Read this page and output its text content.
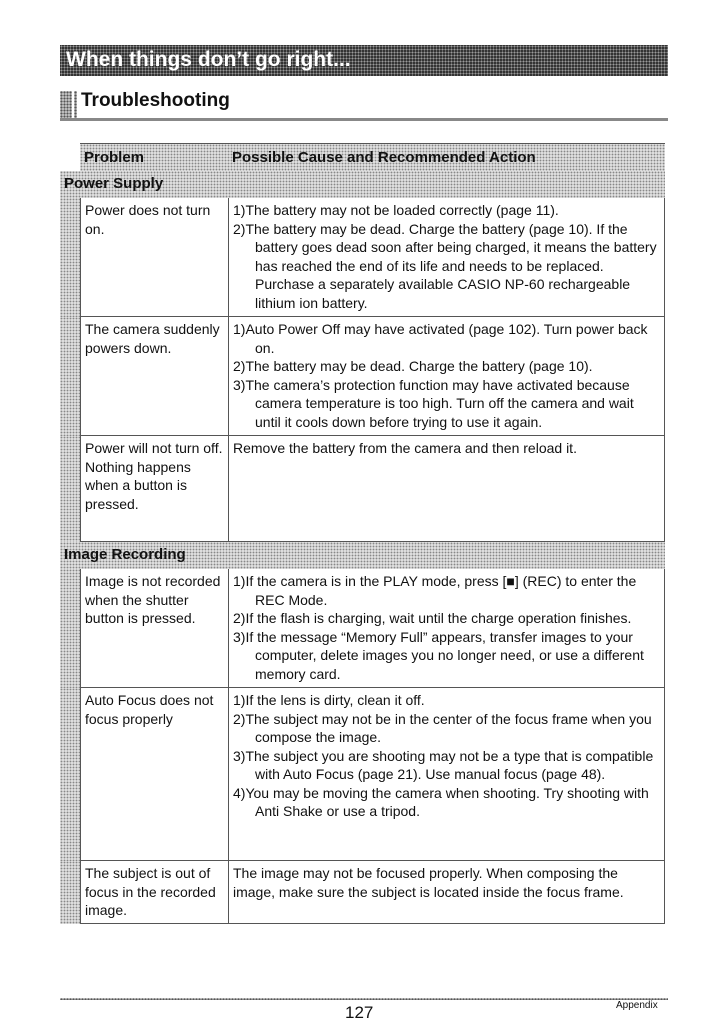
When things don’t go right...
Troubleshooting
Problem	Possible Cause and Recommended Action
Power Supply
Power does not turn on.
1)The battery may not be loaded correctly (page 11).
2)The battery may be dead. Charge the battery (page 10). If the battery goes dead soon after being charged, it means the battery has reached the end of its life and needs to be replaced. Purchase a separately available CASIO NP-60 rechargeable lithium ion battery.
The camera suddenly powers down.
1)Auto Power Off may have activated (page 102). Turn power back on.
2)The battery may be dead. Charge the battery (page 10).
3)The camera’s protection function may have activated because camera temperature is too high. Turn off the camera and wait until it cools down before trying to use it again.
Power will not turn off. Nothing happens when a button is pressed.
Remove the battery from the camera and then reload it.
Image Recording
Image is not recorded when the shutter button is pressed.
1)If the camera is in the PLAY mode, press [■] (REC) to enter the REC Mode.
2)If the flash is charging, wait until the charge operation finishes.
3)If the message “Memory Full” appears, transfer images to your computer, delete images you no longer need, or use a different memory card.
Auto Focus does not focus properly
1)If the lens is dirty, clean it off.
2)The subject may not be in the center of the focus frame when you compose the image.
3)The subject you are shooting may not be a type that is compatible with Auto Focus (page 21). Use manual focus (page 48).
4)You may be moving the camera when shooting. Try shooting with Anti Shake or use a tripod.
The subject is out of focus in the recorded image.
The image may not be focused properly. When composing the image, make sure the subject is located inside the focus frame.
127	Appendix
